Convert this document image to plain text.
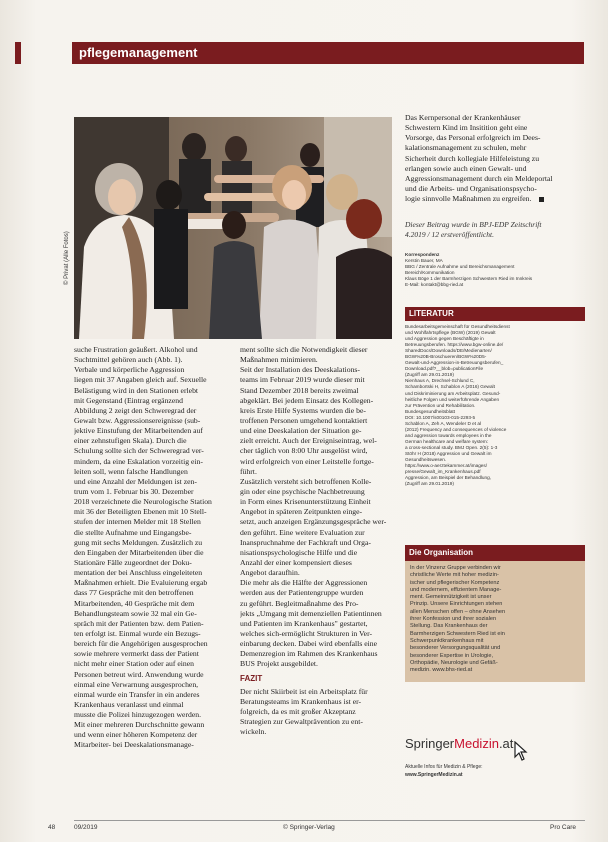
pflegemanagement
© Privat (Alle Fotos)
suche Frustration geäußert. Alkohol und
Suchtmittel gehören auch (Abb. 1).
Verbale und körperliche Aggression
liegen mit 37 Angaben gleich auf. Sexuelle
Belästigung wird in den Stationen erlebt
mit Gegenstand (Eintrag ergänzend
Abbildung 2 zeigt den Schweregrad der
Gewalt bzw. Aggressionsereignisse (sub-
jektive Einstufung der Mitarbeitenden auf
einer zehnstufigen Skala). Durch die
Schulung sollte sich der Schweregrad ver-
mindern, da eine Eskalation vorzeitig ein-
leiten soll, wenn falsche Handlungen
und eine Anzahl der Meldungen ist zen-
trum vom 1. Februar bis 30. Dezember
2018 verzeichnete die Neurologische Station
mit 36 der Beteiligten Ebenen mit 10 Stell-
stufen der internen Melder mit 18 Stellen
die stellte Aufnahme und Eingangsbe-
gung mit sechs Meldungen. Zusätzlich zu
den Eingaben der Mitarbeitenden über die
Stationäre Fälle zugeordnet der Doku-
mentation der bei Anschluss eingeleiteten
Maßnahmen erhielt. Die Evaluierung ergab
dass 77 Gespräche mit den betroffenen
Mitarbeitenden, 40 Gespräche mit dem
Behandlungsteam sowie 32 mal ein Ge-
spräch mit der Patienten bzw. dem Patien-
ten erfolgt ist. Einmal wurde ein Bezugs-
bereich für die Angehörigen ausgesprochen
sowie mehrere vermerkt dass der Patient
nicht mehr einer Station oder auf einen
Personen betreut wird. Anwendung wurde
einmal eine Verwarnung ausgesprochen,
einmal wurde ein Transfer in ein anderes
Krankenhaus veranlasst und einmal
musste die Polizei hinzugezogen werden.
Mit einer mehreren Durchschnitte gewann
und wenn einer höheren Kompetenz der
Mitarbeiter- bei Deeskalationsmanage-
ment sollte sich die Notwendigkeit dieser
Maßnahmen minimieren.
Seit der Installation des Deeskalations-
teams im Februar 2019 wurde dieser mit
Stand Dezember 2018 bereits zweimal
abgeklärt. Bei jedem Einsatz des Kollegen-
kreis Erste Hilfe Systems wurden die be-
troffenen Personen umgehend kontaktiert
und eine Deeskalation der Situation ge-
zielt erreicht. Auch der Ereigniseintrag, wel-
cher täglich von 8:00 Uhr ausgelöst wird,
wird erfolgreich von einer Leitstelle fortge-
führt.
Zusätzlich versteht sich betroffenen Kolle-
gin oder eine psychische Nachbetreuung
in Form eines Krisenunterstützung Einheit
Angebot in späteren Zeitpunkten einge-
setzt, auch anzeigen Ergänzungsgespräche wer-
den geführt. Eine weitere Evaluation zur
Inanspruchnahme der Fachkraft und Orga-
nisationspsychologische Hilfe und die
Anzahl der einer kompensiert dieses
Angebot daraufhin.
Die mehr als die Hälfte der Aggressionen
werden aus der Patientengruppe wurden
zu geführt. Begleitmaßnahme des Pro-
jekts „Umgang mit demenziellen Patientinnen
und Patienten im Krankenhaus" gestartet,
welches sich-ermöglicht Strukturen in Ver-
einbarung decken. Dabei wird ebenfalls eine
Demenzregion im Rahmen des Krankenhaus
BUS Projekt ausgebildet.
FAZIT
Der nicht Skiirbeit ist ein Arbeitsplatz für
Beratungsteams im Krankenhaus ist er-
folgreich, da es mit großer Akzeptanz
Strategien zur Gewaltprävention zu ent-
wickeln.
Das Kernpersonal der Krankenhäuser
Schwestern Kind im Insitition geht eine
Vorsorge, das Personal erfolgreich im Dees-
kalationsmanagement zu schulen, mehr
Sicherheit durch kollegiale Hilfeleistung zu
erlangen sowie auch einen Gewalt- und
Aggressionsmanagement durch ein Meldeportal
und die Arbeits- und Organisationspsycho-
logie sinnvolle Maßnahmen zu ergreifen.
Dieser Beitrag wurde in BPJ-EDP Zeitschrift
4.2019 / 12 erstveröffentlicht.
Korrespondenz
Kerstin Bauer, MA
BBG / Zentrale Aufnahme und Bereichsmanagement
Bereich/Kommunikation
Klaus Böge 1 der Barmherzigen Schwestern Ried im Innkreis
E-Mail: kontakt@bbg-ried.at
LITERATUR
Bundesarbeitsgemeinschaft für Gesundheitsdienst
und Wohlfahrtspflege (BGW) (2019) Gewalt
und Aggression gegen Beschäftigte in
Betreuungsberufen. https://www.bgw-online.de/
SharedDocs/Downloads/DE/Medienarten/
BGW%20B-Broschueren/BGW%20D5-
Gewalt-und-Aggression-in-Betreuungsberufen_
Download.pdf?__blob=publicationFile
(Zugriff am 29.01.2019)
Nienhaus A, Drechsel-Schlund C,
Schambortski H, Schablon A (2016) Gewalt
und Diskriminierung am Arbeitsplatz. Gesund-
heitliche Folgen und weiterführende Angaben
zur Prävention und Rehabilitation.
Bundesgesundheitsblatt
DOI: 10.1007/s00103-015-2293-5
Schablon A, Zeh A, Wendeler D et al
(2012) Frequency and consequences of violence
and aggression towards employees in the
German healthcare and welfare system:
a cross-sectional study. BMJ Open. 2(5): 1-3
Stöhr H (2018) Aggression und Gewalt im
Gesundheitswesen.
https://www.o-aerztekammer.at/images/
presse/Gewalt_im_Krankenhaus.pdf
Aggression, am Beispiel der Behandlung,
(Zugriff am 29.01.2019)
Die Organisation
In der Vinzenz Gruppe verbinden wir
christliche Werte mit hoher medizin-
ischer und pflegerischer Kompetenz
und modernem, effizientem Manage-
ment. Gemeinnützigkeit ist unser
Prinzip. Unsere Einrichtungen stehen
allen Menschen offen – ohne Ansehen
ihrer Konfession und ihrer sozialen
Stellung. Das Krankenhaus der
Barmherzigen Schwestern Ried ist ein
Schwerpunktkrankenhaus mit
besonderer Versorgungsqualität und
besonderer Expertise in Urologie,
Orthopädie, Neurologie und Gefäß-
medizin. www.bhs-ried.at
SpringerMedizin.at
Aktuelle Infos für Medizin & Pflege:
www.SpringerMedizin.at
48	09/2019	© Springer-Verlag	Pro Care
